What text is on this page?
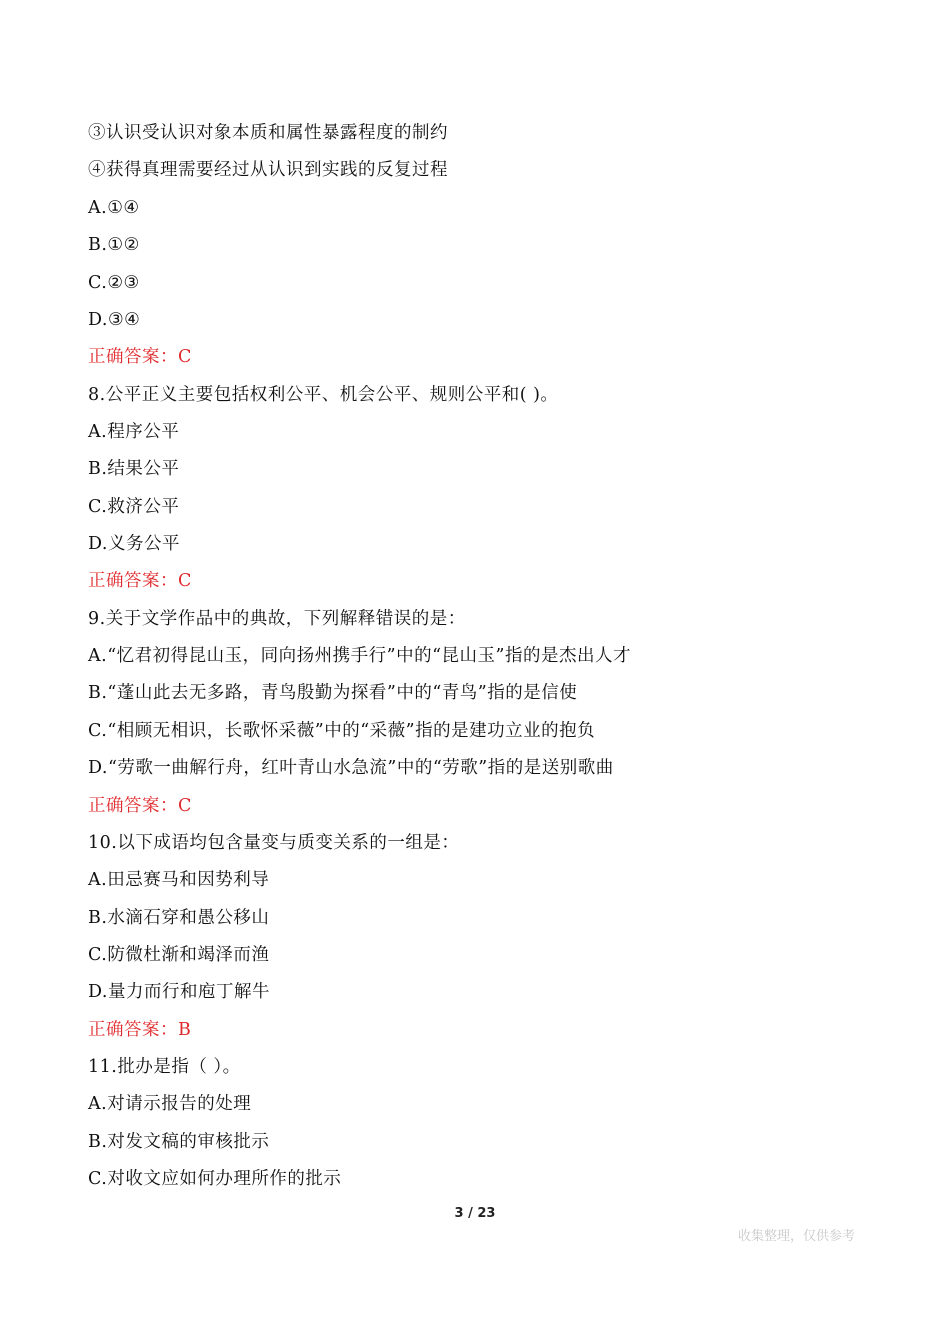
③认识受认识对象本质和属性暴露程度的制约
④获得真理需要经过从认识到实践的反复过程
A.①④
B.①②
C.②③
D.③④
正确答案：C
8.公平正义主要包括权利公平、机会公平、规则公平和( )。
A.程序公平
B.结果公平
C.救济公平
D.义务公平
正确答案：C
9.关于文学作品中的典故，下列解释错误的是：
A.“忆君初得昆山玉，同向扬州携手行”中的“昆山玉”指的是杰出人才
B.“蓬山此去无多路，青鸟殷勤为探看”中的“青鸟”指的是信使
C.“相顾无相识，长歌怀采薇”中的“采薇”指的是建功立业的抱负
D.“劳歌一曲解行舟，红叶青山水急流”中的“劳歌”指的是送别歌曲
正确答案：C
10.以下成语均包含量变与质变关系的一组是：
A.田忌赛马和因势利导
B.水滴石穿和愚公移山
C.防微杜渐和竭泽而渔
D.量力而行和庖丁解牛
正确答案：B
11.批办是指（ ）。
A.对请示报告的处理
B.对发文稿的审核批示
C.对收文应如何办理所作的批示
3 / 23
收集整理，仅供参考
